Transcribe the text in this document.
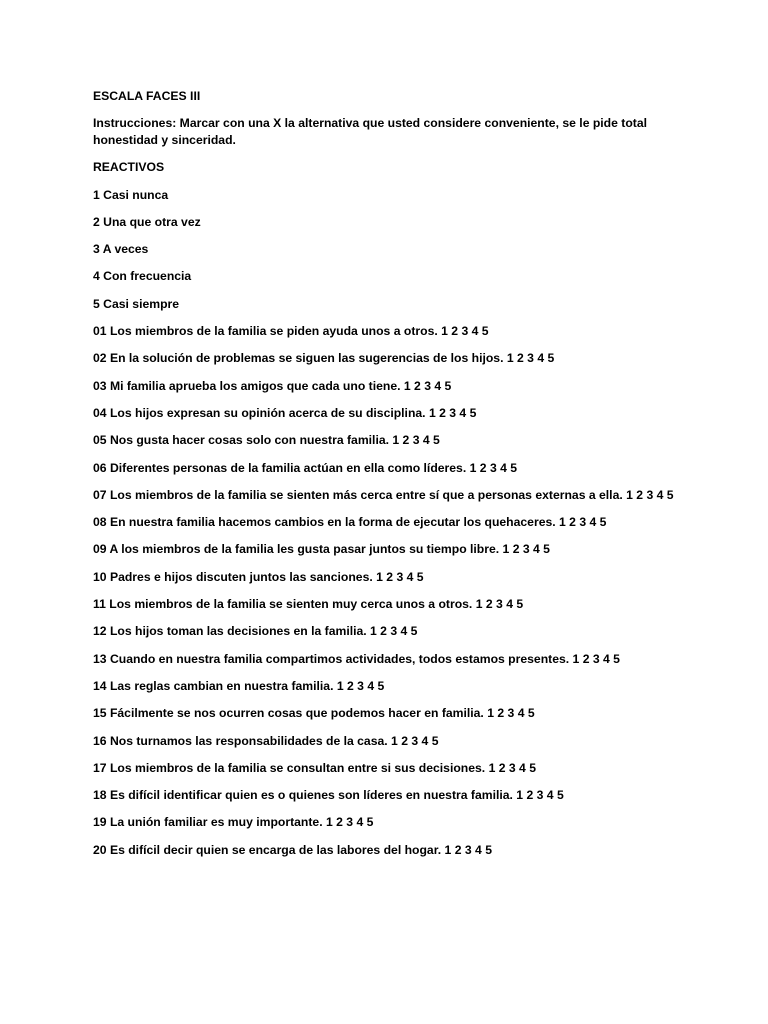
ESCALA FACES III

Instrucciones: Marcar con una X la alternativa que usted considere conveniente, se le pide total honestidad y sinceridad.

REACTIVOS

1 Casi nunca

2 Una que otra vez

3 A veces

4 Con frecuencia

5 Casi siempre

01 Los miembros de la familia se piden ayuda unos a otros. 1 2 3 4 5

02 En la solución de problemas se siguen las sugerencias de los hijos. 1 2 3 4 5

03 Mi familia aprueba los amigos que cada uno tiene. 1 2 3 4 5

04 Los hijos expresan su opinión acerca de su disciplina. 1 2 3 4 5

05 Nos gusta hacer cosas solo con nuestra familia. 1 2 3 4 5

06 Diferentes personas de la familia actúan en ella como líderes. 1 2 3 4 5

07 Los miembros de la familia se sienten más cerca entre sí que a personas externas a ella. 1 2 3 4 5

08 En nuestra familia hacemos cambios en la forma de ejecutar los quehaceres. 1 2 3 4 5

09 A los miembros de la familia les gusta pasar juntos su tiempo libre. 1 2 3 4 5

10 Padres e hijos discuten juntos las sanciones. 1 2 3 4 5

11 Los miembros de la familia se sienten muy cerca unos a otros. 1 2 3 4 5

12 Los hijos toman las decisiones en la familia. 1 2 3 4 5

13 Cuando en nuestra familia compartimos actividades, todos estamos presentes. 1 2 3 4 5

14 Las reglas cambian en nuestra familia. 1 2 3 4 5

15 Fácilmente se nos ocurren cosas que podemos hacer en familia. 1 2 3 4 5

16 Nos turnamos las responsabilidades de la casa. 1 2 3 4 5

17 Los miembros de la familia se consultan entre si sus decisiones. 1 2 3 4 5

18 Es difícil identificar quien es o quienes son líderes en nuestra familia. 1 2 3 4 5

19 La unión familiar es muy importante. 1 2 3 4 5

20 Es difícil decir quien se encarga de las labores del hogar. 1 2 3 4 5
